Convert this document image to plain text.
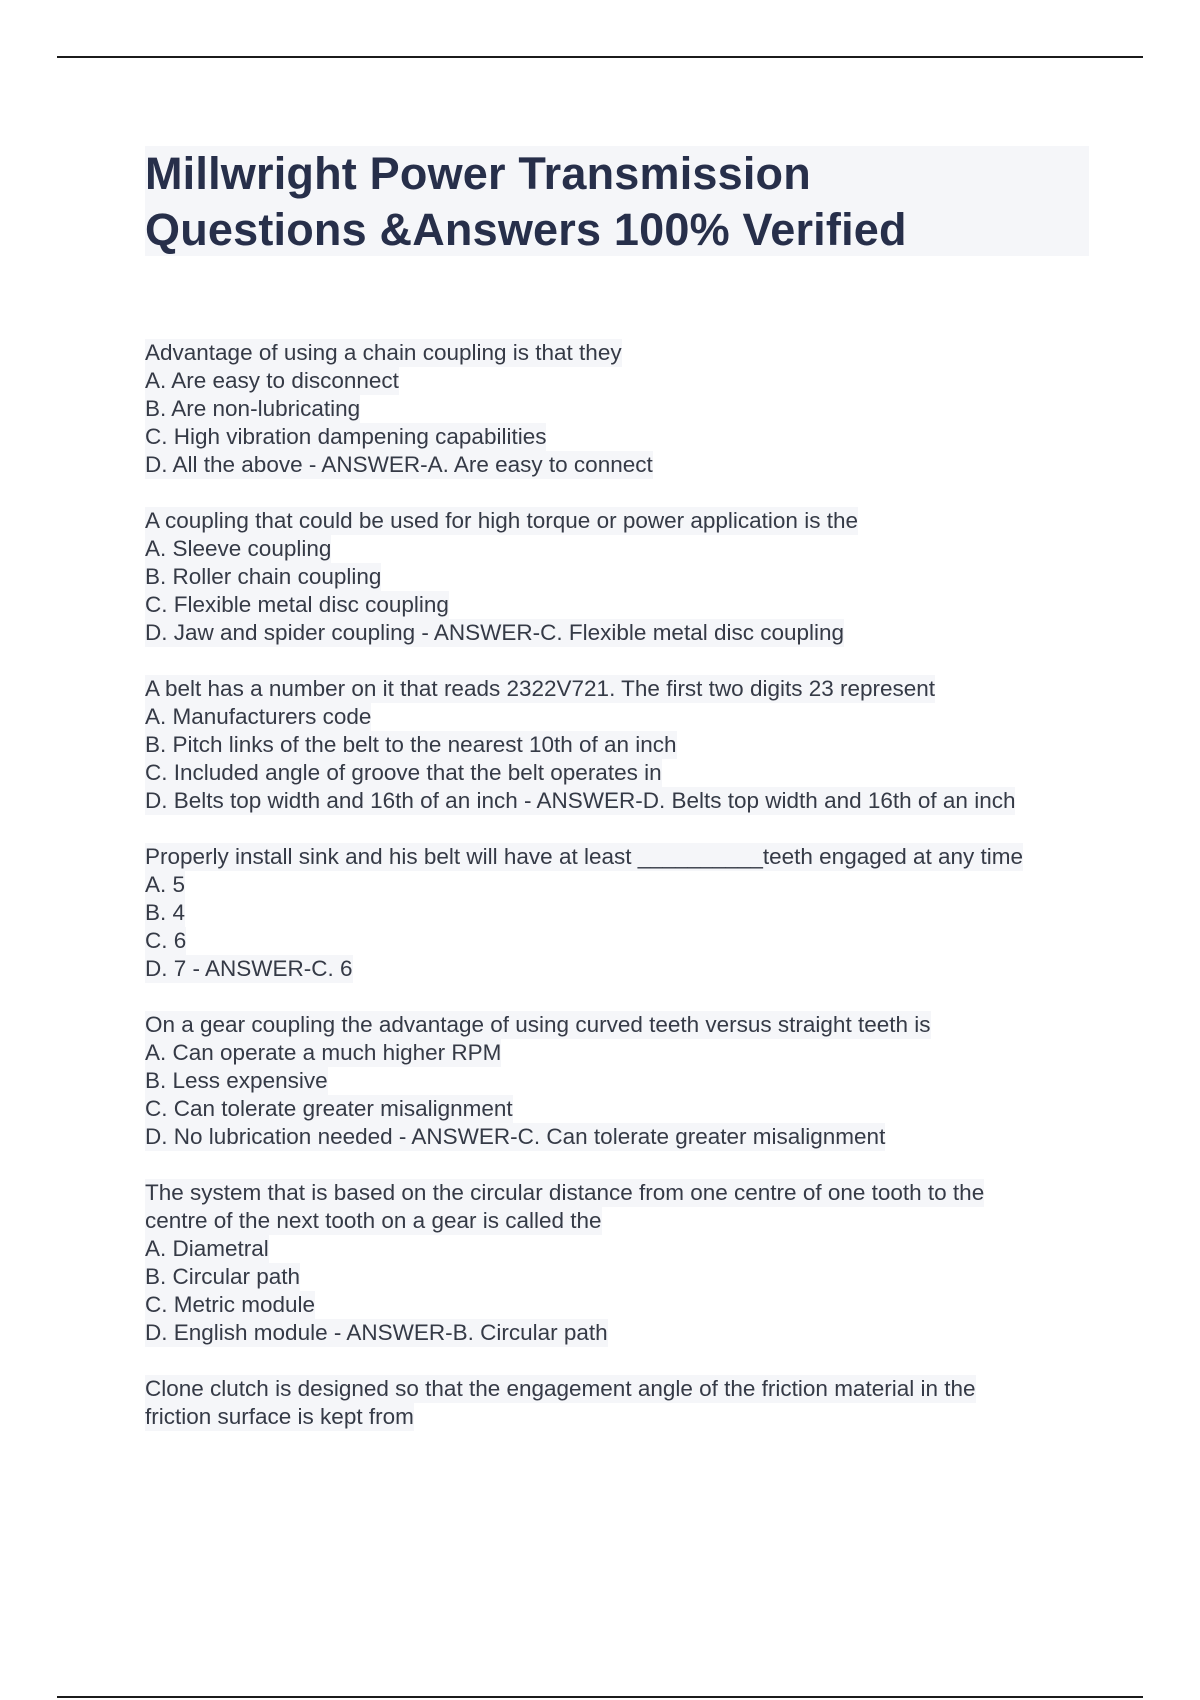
Millwright Power Transmission
Questions &Answers 100% Verified
Advantage of using a chain coupling is that they
A. Are easy to disconnect
B. Are non-lubricating
C. High vibration dampening capabilities
D. All the above - ANSWER-A. Are easy to connect
A coupling that could be used for high torque or power application is the
A. Sleeve coupling
B. Roller chain coupling
C. Flexible metal disc coupling
D. Jaw and spider coupling - ANSWER-C. Flexible metal disc coupling
A belt has a number on it that reads 2322V721. The first two digits 23 represent
A. Manufacturers code
B. Pitch links of the belt to the nearest 10th of an inch
C. Included angle of groove that the belt operates in
D. Belts top width and 16th of an inch - ANSWER-D. Belts top width and 16th of an inch
Properly install sink and his belt will have at least __________teeth engaged at any time
A. 5
B. 4
C. 6
D. 7 - ANSWER-C. 6
On a gear coupling the advantage of using curved teeth versus straight teeth is
A. Can operate a much higher RPM
B. Less expensive
C. Can tolerate greater misalignment
D. No lubrication needed - ANSWER-C. Can tolerate greater misalignment
The system that is based on the circular distance from one centre of one tooth to the
centre of the next tooth on a gear is called the
A. Diametral
B. Circular path
C. Metric module
D. English module - ANSWER-B. Circular path
Clone clutch is designed so that the engagement angle of the friction material in the
friction surface is kept from
